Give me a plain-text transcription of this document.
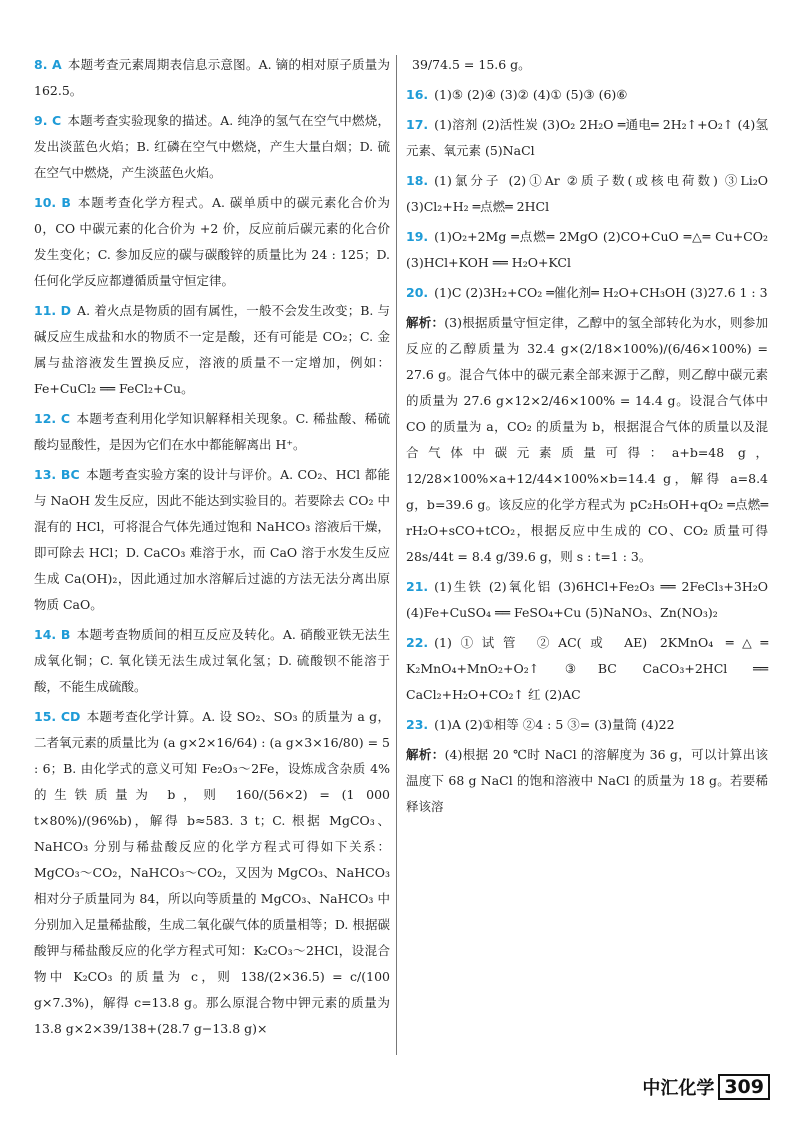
8. A 本题考查元素周期表信息示意图。A. 镝的相对原子质量为 162.5。
9. C 本题考查实验现象的描述。A. 纯净的氢气在空气中燃烧，发出淡蓝色火焰；B. 红磷在空气中燃烧，产生大量白烟；D. 硫在空气中燃烧，产生淡蓝色火焰。
10. B 本题考查化学方程式。A. 碳单质中的碳元素化合价为 0，CO 中碳元素的化合价为 +2 价，反应前后碳元素的化合价发生变化；C. 参加反应的碳与碳酸锌的质量比为 24 : 125；D. 任何化学反应都遵循质量守恒定律。
11. D A. 着火点是物质的固有属性，一般不会发生改变；B. 与碱反应生成盐和水的物质不一定是酸，还有可能是 CO₂；C. 金属与盐溶液发生置换反应，溶液的质量不一定增加，例如：Fe+CuCl₂ ══ FeCl₂+Cu。
12. C 本题考查利用化学知识解释相关现象。C. 稀盐酸、稀硫酸均显酸性，是因为它们在水中都能解离出 H⁺。
13. BC 本题考查实验方案的设计与评价。A. CO₂、HCl 都能与 NaOH 发生反应，因此不能达到实验目的。若要除去 CO₂ 中混有的 HCl，可将混合气体先通过饱和 NaHCO₃ 溶液后干燥，即可除去 HCl；D. CaCO₃ 难溶于水，而 CaO 溶于水发生反应生成 Ca(OH)₂，因此通过加水溶解后过滤的方法无法分离出原物质 CaO。
14. B 本题考查物质间的相互反应及转化。A. 硝酸亚铁无法生成氧化铜；C. 氧化镁无法生成过氧化氢；D. 硫酸钡不能溶于酸，不能生成硫酸。
15. CD 本题考查化学计算。A. 设 SO₂、SO₃ 的质量为 a g，二者氧元素的质量比为 (a g×2×16/64) : (a g×3×16/80) = 5 : 6；B. 由化学式的意义可知 Fe₂O₃～2Fe，设炼成含杂质 4% 的生铁质量为 b，则 160/(56×2) = (1 000 t×80%)/(96%b)，解得 b≈583. 3 t；C. 根据 MgCO₃、NaHCO₃ 分别与稀盐酸反应的化学方程式可得如下关系：MgCO₃～CO₂，NaHCO₃～CO₂，又因为 MgCO₃、NaHCO₃ 相对分子质量同为 84，所以向等质量的 MgCO₃、NaHCO₃ 中分别加入足量稀盐酸，生成二氧化碳气体的质量相等；D. 根据碳酸钾与稀盐酸反应的化学方程式可知：K₂CO₃～2HCl，设混合物中 K₂CO₃ 的质量为 c，则 138/(2×36.5) = c/(100 g×7.3%)，解得 c=13.8 g。那么原混合物中钾元素的质量为 13.8 g×2×39/138+(28.7 g−13.8 g)×
39/74.5 = 15.6 g。
16. (1)⑤ (2)④ (3)② (4)① (5)③ (6)⑥
17. (1)溶剂 (2)活性炭 (3)O₂ 2H₂O ═通电═ 2H₂↑+O₂↑ (4)氢元素、氧元素 (5)NaCl
18. (1)氯分子 (2)①Ar ②质子数(或核电荷数) ③Li₂O (3)Cl₂+H₂ ═点燃═ 2HCl
19. (1)O₂+2Mg ═点燃═ 2MgO (2)CO+CuO ═△═ Cu+CO₂ (3)HCl+KOH ══ H₂O+KCl
20. (1)C (2)3H₂+CO₂ ═催化剂═ H₂O+CH₃OH (3)27.6 1 : 3
解析：(3)根据质量守恒定律，乙醇中的氢全部转化为水，则参加反应的乙醇质量为 32.4 g×(2/18×100%)/(6/46×100%) = 27.6 g。混合气体中的碳元素全部来源于乙醇，则乙醇中碳元素的质量为 27.6 g×12×2/46×100% = 14.4 g。设混合气体中 CO 的质量为 a，CO₂ 的质量为 b，根据混合气体的质量以及混合气体中碳元素质量可得：a+b=48 g，12/28×100%×a+12/44×100%×b=14.4 g，解得 a=8.4 g，b=39.6 g。该反应的化学方程式为 pC₂H₅OH+qO₂ ═点燃═ rH₂O+sCO+tCO₂，根据反应中生成的 CO、CO₂ 质量可得 28s/44t = 8.4 g/39.6 g，则 s : t=1 : 3。
21. (1)生铁 (2)氧化铝 (3)6HCl+Fe₂O₃ ══ 2FeCl₃+3H₂O (4)Fe+CuSO₄ ══ FeSO₄+Cu (5)NaNO₃、Zn(NO₃)₂
22. (1)①试管 ②AC(或 AE) 2KMnO₄ ═△═ K₂MnO₄+MnO₂+O₂↑ ③BC CaCO₃+2HCl ══ CaCl₂+H₂O+CO₂↑ 红 (2)AC
23. (1)A (2)①相等 ②4 : 5 ③= (3)量筒 (4)22
解析：(4)根据 20 ℃时 NaCl 的溶解度为 36 g，可以计算出该温度下 68 g NaCl 的饱和溶液中 NaCl 的质量为 18 g。若要稀释该溶
中汇化学 309
